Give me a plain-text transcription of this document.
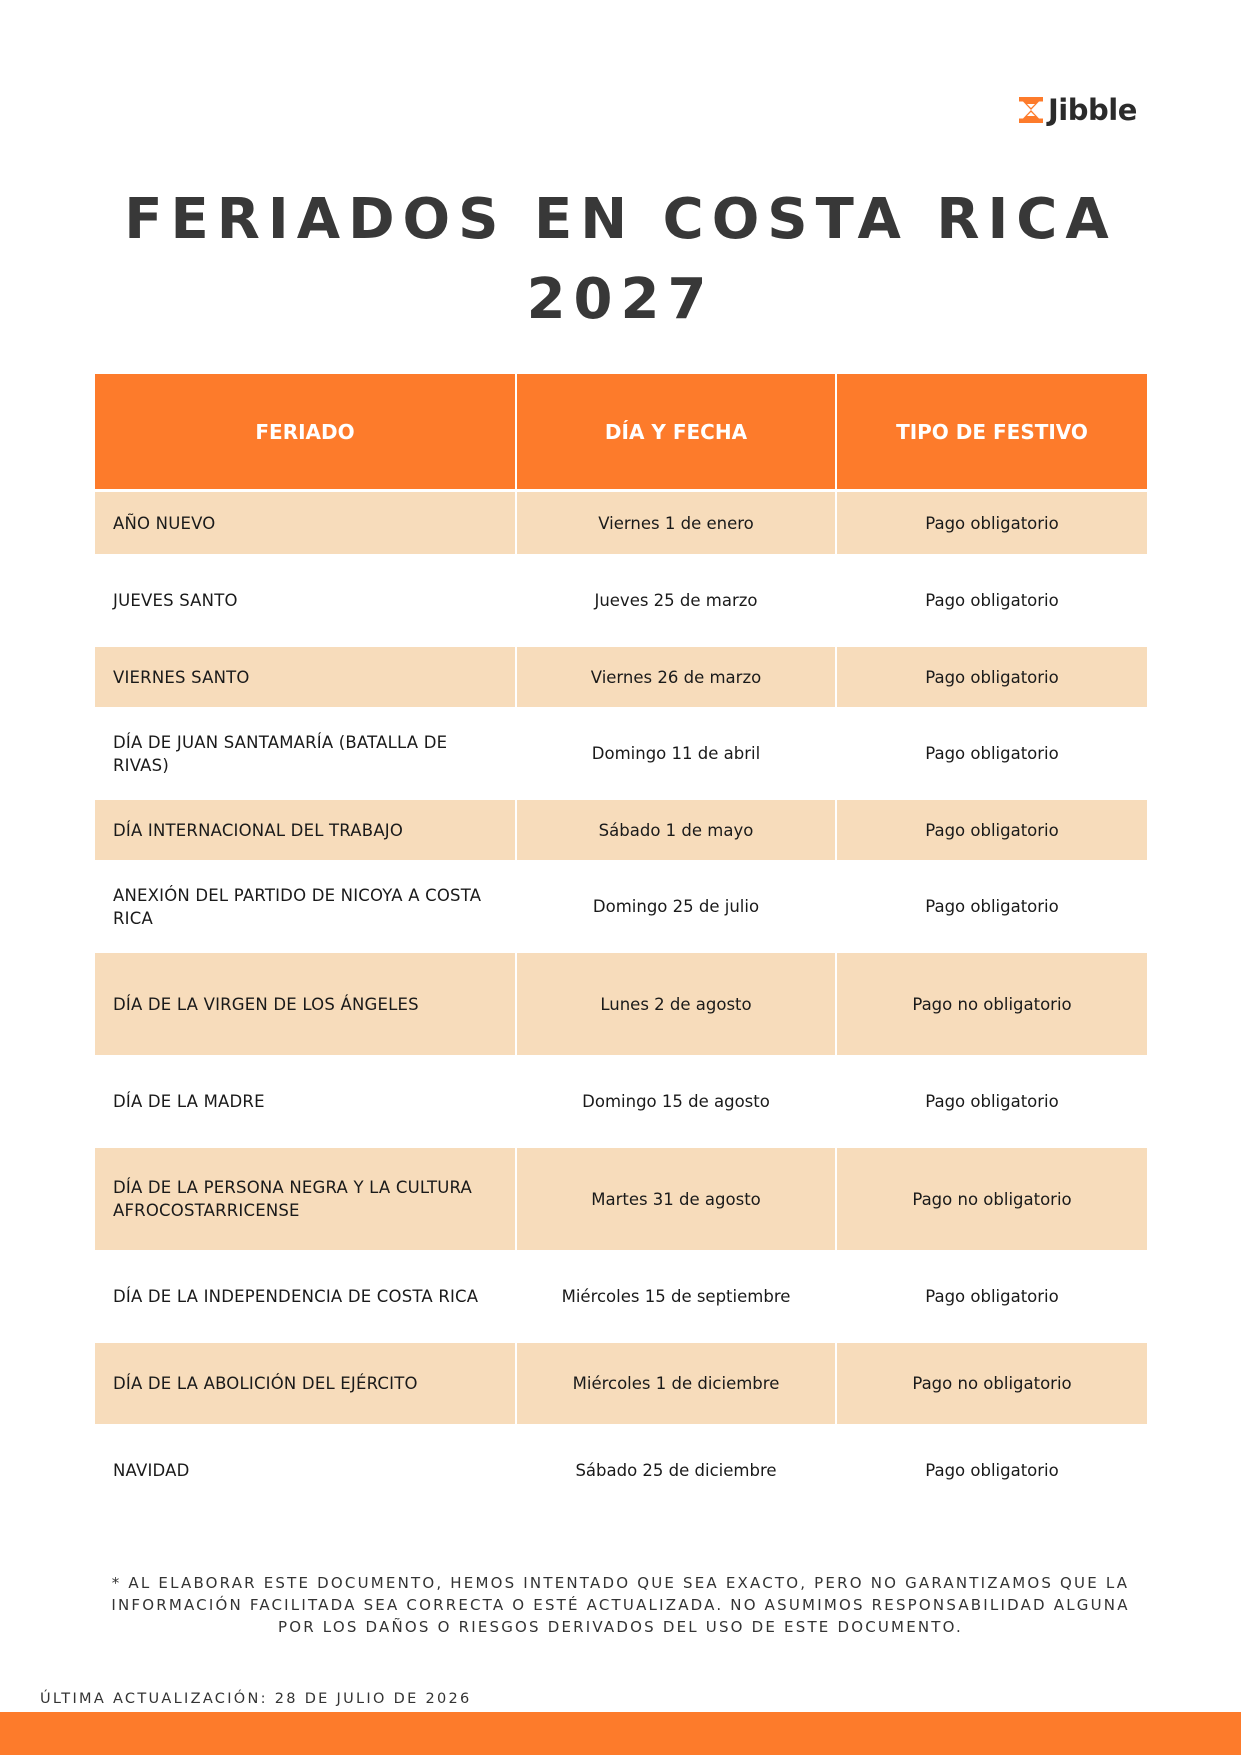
Jibble
FERIADOS EN COSTA RICA
2027
FERIADO	DÍA Y FECHA	TIPO DE FESTIVO
AÑO NUEVO	Viernes 1 de enero	Pago obligatorio
JUEVES SANTO	Jueves 25 de marzo	Pago obligatorio
VIERNES SANTO	Viernes 26 de marzo	Pago obligatorio
DÍA DE JUAN SANTAMARÍA (BATALLA DE RIVAS)	Domingo 11 de abril	Pago obligatorio
DÍA INTERNACIONAL DEL TRABAJO	Sábado 1 de mayo	Pago obligatorio
ANEXIÓN DEL PARTIDO DE NICOYA A COSTA RICA	Domingo 25 de julio	Pago obligatorio
DÍA DE LA VIRGEN DE LOS ÁNGELES	Lunes 2 de agosto	Pago no obligatorio
DÍA DE LA MADRE	Domingo 15 de agosto	Pago obligatorio
DÍA DE LA PERSONA NEGRA Y LA CULTURA AFROCOSTARRICENSE	Martes 31 de agosto	Pago no obligatorio
DÍA DE LA INDEPENDENCIA DE COSTA RICA	Miércoles 15 de septiembre	Pago obligatorio
DÍA DE LA ABOLICIÓN DEL EJÉRCITO	Miércoles 1 de diciembre	Pago no obligatorio
NAVIDAD	Sábado 25 de diciembre	Pago obligatorio

* AL ELABORAR ESTE DOCUMENTO, HEMOS INTENTADO QUE SEA EXACTO, PERO NO GARANTIZAMOS QUE LA INFORMACIÓN FACILITADA SEA CORRECTA O ESTÉ ACTUALIZADA. NO ASUMIMOS RESPONSABILIDAD ALGUNA POR LOS DAÑOS O RIESGOS DERIVADOS DEL USO DE ESTE DOCUMENTO.

ÚLTIMA ACTUALIZACIÓN: 28 DE JULIO DE 2026
